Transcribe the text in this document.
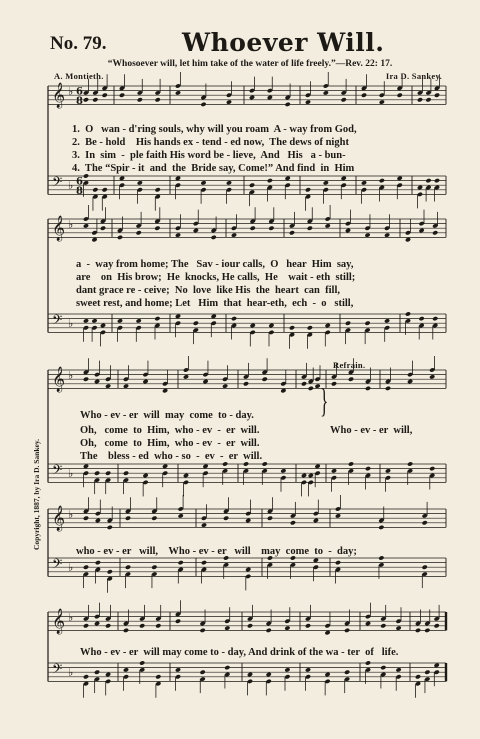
No. 79.	Whoever Will.
“Whosoever will, let him take of the water of life freely.”—Rev. 22: 17.
A. Montieth.	Ira D. Sankey.
Refrain.
Copyright, 1887, by Ira D. Sankey.
𝄞 ♭ 6
8
𝄢 ♭ 6
8
𝄞 ♭
𝄢 ♭
𝄞 ♭
𝄢 ♭
𝄞 ♭
𝄢 ♭
𝄞 ♭
𝄢 ♭
1.  O   wan - d'ring souls, why will you roam  A - way from God,
2.  Be - hold    His hands ex - tend - ed now,  The dews of night
3.  In  sim  -  ple faith His word be - lieve,  And   His   a - bun-
4.  The “Spir - it  and  the  Bride say, Come!” And find  in  Him
a  -  way from home; The   Sav - iour calls,  O   hear  Him  say,
are    on  His brow;  He  knocks, He calls,  He    wait - eth  still;
dant grace re - ceive;  No  love  like His  the  heart  can  fill,
sweet rest, and home; Let   Him  that  hear-eth,  ech  -  o   still,
Who - ev - er  will  may  come  to - day.
Oh,   come  to  Him,  who - ev  -  er  will.
Oh,   come  to  Him,  who - ev  -  er  will.
The    bless - ed  who - so  -  ev  -  er  will.
}
Who - ev - er  will,
who - ev - er   will,    Who - ev - er   will    may  come  to  -  day;
Who - ev - er  will may come to - day, And drink of the wa - ter  of   life.
